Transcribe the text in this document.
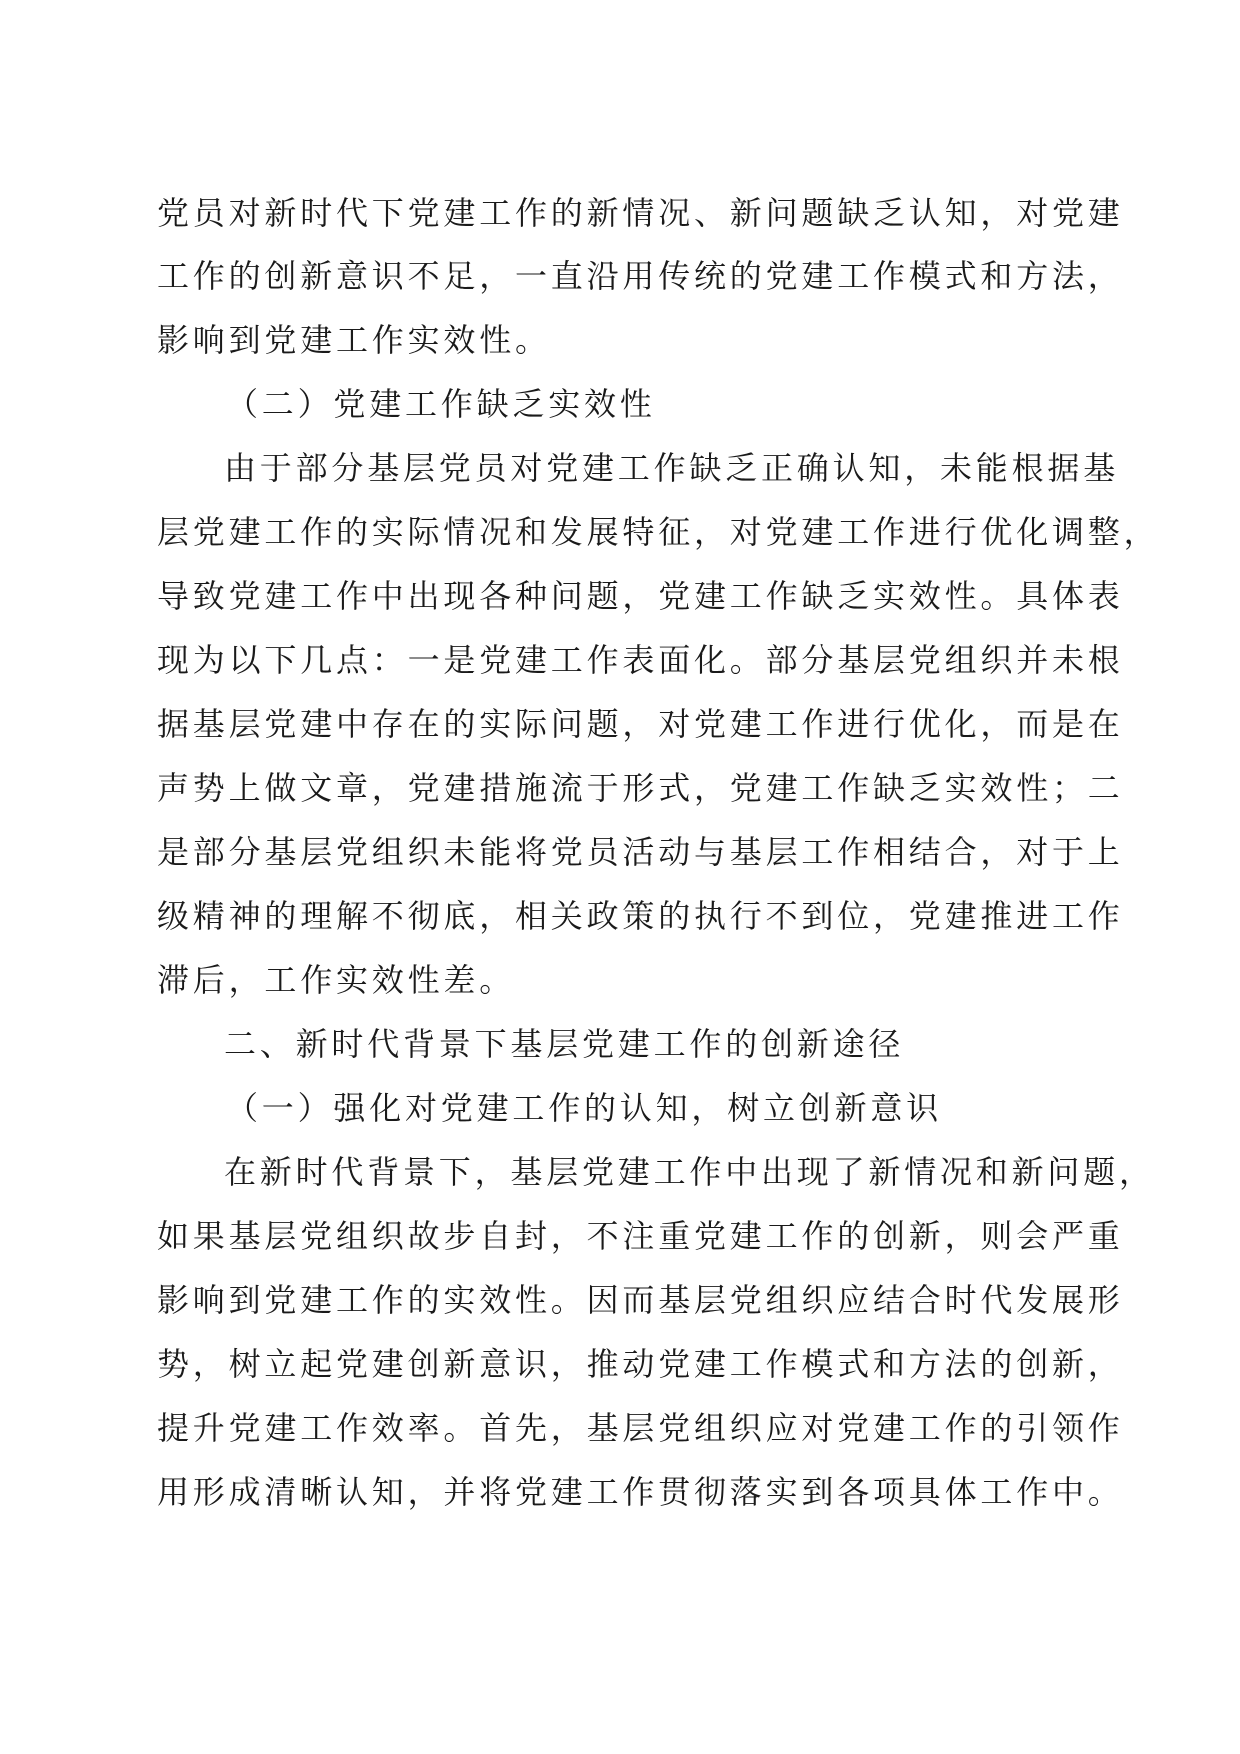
党员对新时代下党建工作的新情况、新问题缺乏认知，对党建
工作的创新意识不足，一直沿用传统的党建工作模式和方法，
影响到党建工作实效性。
（二）党建工作缺乏实效性
由于部分基层党员对党建工作缺乏正确认知，未能根据基
层党建工作的实际情况和发展特征，对党建工作进行优化调整，
导致党建工作中出现各种问题，党建工作缺乏实效性。具体表
现为以下几点：一是党建工作表面化。部分基层党组织并未根
据基层党建中存在的实际问题，对党建工作进行优化，而是在
声势上做文章，党建措施流于形式，党建工作缺乏实效性；二
是部分基层党组织未能将党员活动与基层工作相结合，对于上
级精神的理解不彻底，相关政策的执行不到位，党建推进工作
滞后，工作实效性差。
二、新时代背景下基层党建工作的创新途径
（一）强化对党建工作的认知，树立创新意识
在新时代背景下，基层党建工作中出现了新情况和新问题，
如果基层党组织故步自封，不注重党建工作的创新，则会严重
影响到党建工作的实效性。因而基层党组织应结合时代发展形
势，树立起党建创新意识，推动党建工作模式和方法的创新，
提升党建工作效率。首先，基层党组织应对党建工作的引领作
用形成清晰认知，并将党建工作贯彻落实到各项具体工作中。
